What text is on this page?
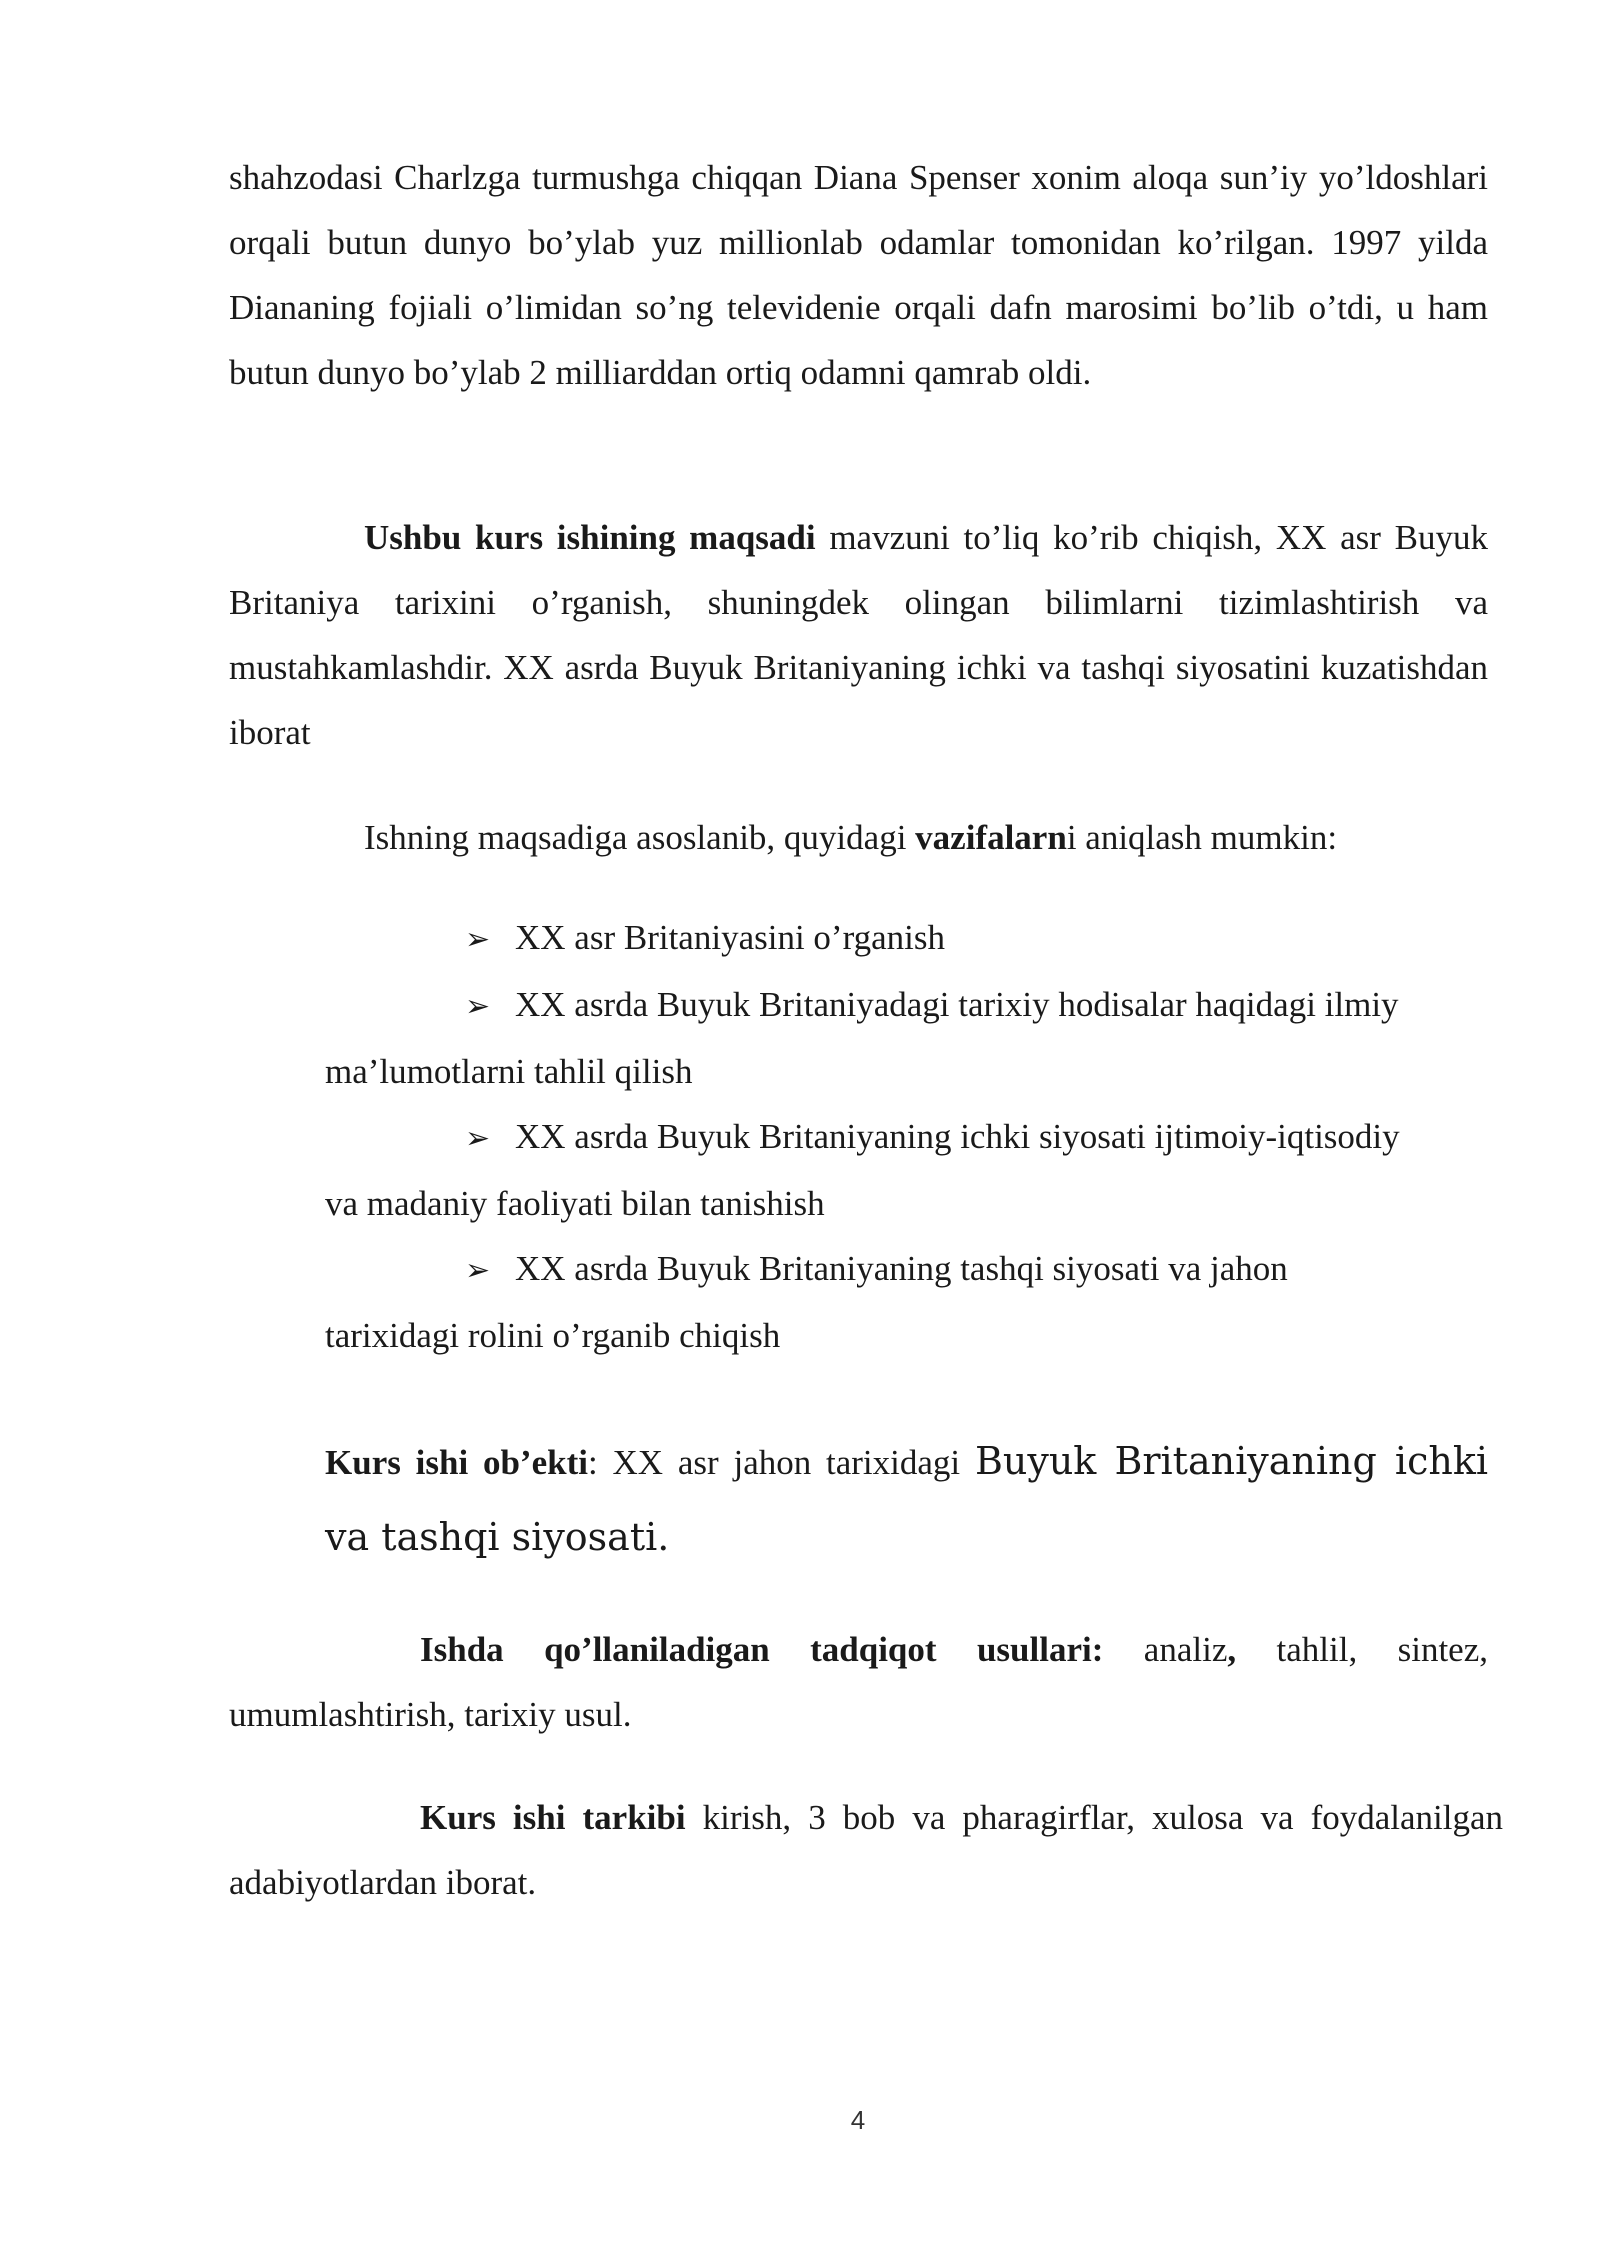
shahzodasi Charlzga turmushga chiqqan Diana Spenser xonim aloqa sun’iy yo’ldoshlari orqali butun dunyo bo’ylab yuz millionlab odamlar tomonidan ko’rilgan. 1997 yilda Diananing fojiali o’limidan so’ng televidenie orqali dafn marosimi bo’lib o’tdi, u ham butun dunyo bo’ylab 2 milliarddan ortiq odamni qamrab oldi.

Ushbu kurs ishining maqsadi mavzuni to’liq ko’rib chiqish, XX asr Buyuk Britaniya tarixini o’rganish, shuningdek olingan bilimlarni tizimlashtirish va mustahkamlashdir. XX asrda Buyuk Britaniyaning ichki va tashqi siyosatini kuzatishdan iborat

Ishning maqsadiga asoslanib, quyidagi vazifalarni aniqlash mumkin:

➢ XX asr Britaniyasini o’rganish
➢ XX asrda Buyuk Britaniyadagi tarixiy hodisalar haqidagi ilmiy
ma’lumotlarni tahlil qilish
➢ XX asrda Buyuk Britaniyaning ichki siyosati ijtimoiy-iqtisodiy
va madaniy faoliyati bilan tanishish
➢ XX asrda Buyuk Britaniyaning tashqi siyosati va jahon
tarixidagi rolini o’rganib chiqish

Kurs ishi ob’ekti: XX asr jahon tarixidagi Buyuk Britaniyaning ichki va tashqi siyosati.

Ishda qo’llaniladigan tadqiqot usullari: analiz, tahlil, sintez, umumlashtirish, tarixiy usul.

Kurs ishi tarkibi kirish, 3 bob va pharagirflar, xulosa va foydalanilgan adabiyotlardan iborat.

4
